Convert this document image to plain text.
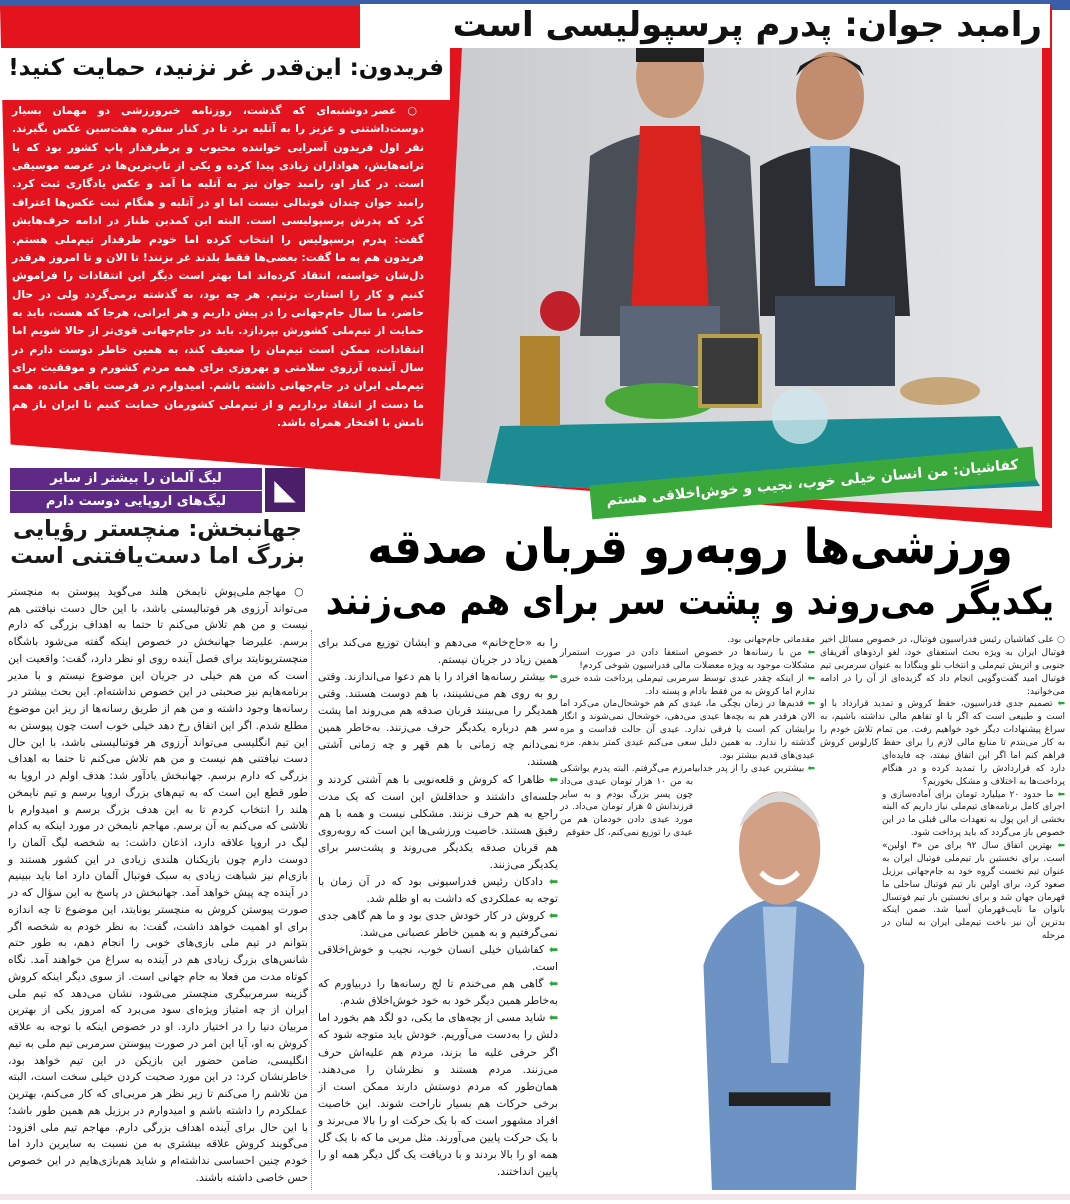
رامبد جوان: پدرم پرسپولیسی است
فریدون: این‌قدر غر نزنید، حمایت کنید!
○ عصر دوشنبه‌ای که گذشت، روزنامه خبرورزشی دو مهمان بسیار دوست‌داشتنی و عزیز را به آتلیه برد تا در کنار سفره هفت‌سین عکس بگیرند. نفر اول فریدون آسرایی خواننده محبوب و پرطرفدار پاپ کشور بود که با ترانه‌هایش، هواداران زیادی پیدا کرده و یکی از تاپ‌ترین‌ها در عرصه موسیقی است. در کنار او، رامبد جوان نیز به آتلیه ما آمد و عکس یادگاری ثبت کرد. رامبد جوان چندان فوتبالی نیست اما او در آتلیه و هنگام ثبت عکس‌ها اعتراف کرد که پدرش پرسپولیسی است. البته این کمدین طناز در ادامه حرف‌هایش گفت: پدرم پرسپولیس را انتخاب کرده اما خودم طرفدار تیم‌ملی هستم. فریدون هم به ما گفت: بعضی‌ها فقط بلدند غر بزنند! تا الان و تا امروز هرقدر دل‌شان خواسته، انتقاد کرده‌اند اما بهتر است دیگر این انتقادات را فراموش کنیم و کار را استارت بزنیم. هر چه بود، به گذشته برمی‌گردد ولی در حال حاضر، ما سال جام‌جهانی را در پیش داریم و هر ایرانی، هرجا که هست، باید به حمایت از تیم‌ملی کشورش بپردازد. باید در جام‌جهانی قوی‌تر از حالا شویم اما انتقادات، ممکن است تیم‌مان را ضعیف کند، به همین خاطر دوست دارم در سال آینده، آرزوی سلامتی و بهروزی برای همه مردم کشورم و موفقیت برای تیم‌ملی ایران در جام‌جهانی داشته باشم. امیدوارم در فرصت باقی مانده، همه ما دست از انتقاد برداریم و از تیم‌ملی کشورمان حمایت کنیم تا ایران باز هم نامش با افتخار همراه باشد.
کفاشیان: من انسان خیلی خوب، نجیب و خوش‌اخلاقی هستم
ورزشی‌ها روبه‌رو قربان صدقه
یکدیگر می‌روند و پشت سر برای هم می‌زنند
◣
لیگ آلمان را بیشتر از سایر
لیگ‌های اروپایی دوست دارم
جهانبخش: منچستر رؤیایی بزرگ اما دست‌یافتنی است
○ مهاجم ملی‌پوش نایمخن هلند می‌گوید پیوستن به منچستر می‌تواند آرزوی هر فوتبالیستی باشد، با این حال دست نیافتنی هم نیست و من هم تلاش می‌کنم تا حتما به اهداف بزرگی که دارم برسم. علیرضا جهانبخش در خصوص اینکه گفته می‌شود باشگاه منچستریونایتد برای فصل آینده روی او نظر دارد، گفت: واقعیت این است که من هم خیلی در جریان این موضوع نیستم و با مدیر برنامه‌هایم نیز صحبتی در این خصوص نداشته‌ام. این بحث بیشتر در رسانه‌ها وجود داشته و من هم از طریق رسانه‌ها از ریز این موضوع مطلع شدم. اگر این اتفاق رخ دهد خیلی خوب است چون پیوستن به این تیم انگلیسی می‌تواند آرزوی هر فوتبالیستی باشد، با این حال دست نیافتنی هم نیست و من هم تلاش می‌کنم تا حتما به اهداف بزرگی که دارم برسم. جهانبخش یادآور شد: هدف اولم در اروپا به طور قطع این است که به تیم‌های بزرگ اروپا برسم و تیم نایمخن هلند را انتخاب کردم تا به این هدف بزرگ برسم و امیدوارم با تلاشی که می‌کنم به آن برسم. مهاجم نایمخن در مورد اینکه به کدام لیگ در اروپا علاقه دارد، اذعان داشت: به شخصه لیگ آلمان را دوست دارم چون بازیکنان هلندی زیادی در این کشور هستند و بازی‌ام نیز شباهت زیادی به سبک فوتبال آلمان دارد اما باید ببینیم در آینده چه پیش خواهد آمد. جهانبخش در پاسخ به این سؤال که در صورت پیوستن کروش به منچستر یونایتد، این موضوع تا چه اندازه برای او اهمیت خواهد داشت، گفت: به نظر خودم به شخصه اگر بتوانم در تیم ملی بازی‌های خوبی را انجام دهم، به طور حتم شانس‌های بزرگ زیادی هم در آینده به سراغ من خواهند آمد. نگاه کوتاه مدت من فعلا به جام جهانی است. از سوی دیگر اینکه کروش گزینه سرمربیگری منچستر می‌شود، نشان می‌دهد که تیم ملی ایران از چه امتیاز ویژه‌ای سود می‌برد که امروز یکی از بهترین مربیان دنیا را در اختیار دارد. او در خصوص اینکه با توجه به علاقه کروش به او، آیا این امر در صورت پیوستن سرمربی تیم ملی به تیم انگلیسی، ضامن حضور این بازیکن در این تیم خواهد بود، خاطرنشان کرد: در این مورد صحبت کردن خیلی سخت است، البته من تلاشم را می‌کنم تا زیر نظر هر مربی‌ای که کار می‌کنم، بهترین عملکردم را داشته باشم و امیدوارم در برزیل هم همین طور باشد؛ با این حال برای آینده اهداف بزرگی دارم. مهاجم تیم ملی افزود: می‌گویند کروش علاقه بیشتری به من نسبت به سایرین دارد اما خودم چنین احساسی نداشته‌ام و شاید هم‌بازی‌هایم در این خصوص حس خاصی داشته باشند.

○ علی کفاشیان رئیس فدراسیون فوتبال، در خصوص مسائل اخیر فوتبال ایران به ویژه بحث استعفای خود، لغو اردوهای آفریقای جنوبی و اتریش تیم‌ملی و انتخاب نلو وینگادا به عنوان سرمربی تیم فوتبال امید گفت‌وگویی انجام داد که گزیده‌ای از آن را در ادامه می‌خوانید:

⬅ تصمیم جدی فدراسیون، حفظ کروش و تمدید قرارداد با او است و طبیعی است که اگر با او تفاهم مالی نداشته باشیم، به سراغ پیشنهادات دیگر خود خواهیم رفت. من تمام تلاش خودم را به کار می‌بندم تا منابع مالی لازم را برای حفظ کارلوس کروش فراهم کنم اما اگر این اتفاق نیفتد، چه فایده‌ای دارد که قراردادش را تمدید کرده و در هنگام پرداخت‌ها به اختلاف و مشکل بخوریم؟

⬅ ما حدود ۲۰ میلیارد تومان برای آماده‌سازی و اجرای کامل برنامه‌های تیم‌ملی نیاز داریم که البته بخشی از این پول به تعهدات مالی قبلی ما در این خصوص باز می‌گردد که باید پرداخت شود.

⬅ بهترین اتفاق سال ۹۲ برای من «۳ اولین» است. برای نخستین بار تیم‌ملی فوتبال ایران به عنوان تیم نخست گروه خود به جام‌جهانی برزیل صعود کرد، برای اولین بار تیم فوتبال ساحلی ما قهرمان جهان شد و برای نخستین بار تیم فوتسال بانوان ما نایب‌قهرمان آسیا شد. ضمن اینکه بدترین آن نیز باخت تیم‌ملی ایران به لبنان در مرحله

مقدماتی جام‌جهانی بود.

⬅ من با رسانه‌ها در خصوص استعفا دادن در صورت استمرار مشکلات موجود به ویژه معضلات مالی فدراسیون شوخی کردم!

⬅ از اینکه چقدر عیدی توسط سرمربی تیم‌ملی پرداخت شده خبری ندارم اما کروش به من فقط بادام و پسته داد.

⬅ قدیم‌ها در زمان بچگی ما، عیدی کم هم خوشحال‌مان می‌کرد اما الان هرقدر هم به بچه‌ها عیدی می‌دهی، خوشحال نمی‌شوند و انگار برایشان کم است یا فرقی ندارد. عیدی آن حالت قداست و مزه گذشته را ندارد. به همین دلیل سعی می‌کنم عیدی کمتر بدهم. مزه عیدی‌های قدیم بیشتر بود.

⬅ بیشترین عیدی را از پدر خدابیامرزم می‌گرفتم. البته پدرم یواشکی به من ۱۰ هزار تومان عیدی می‌داد چون پسر بزرگ بودم و به سایر فرزندانش ۵ هزار تومان می‌داد. در مورد عیدی دادن خودمان هم من عیدی را توزیع نمی‌کنم، کل حقوقم

را به «حاج‌خانم» می‌دهم و ایشان توزیع می‌کند برای همین زیاد در جریان نیستم.

⬅ بیشتر رسانه‌ها افراد را با هم دعوا می‌اندازند. وقتی رو به روی هم می‌نشینند، با هم دوست هستند. وقتی همدیگر را می‌بینند قربان صدقه هم می‌روند اما پشت سر هم درباره یکدیگر حرف می‌زنند. به‌خاطر همین نمی‌دانم چه زمانی با هم قهر و چه زمانی آشتی هستند.

⬅ ظاهرا که کروش و قلعه‌نویی با هم آشتی کردند و جلسه‌ای داشتند و حداقلش این است که یک مدت راجع به هم حرف نزنند. مشکلی نیست و همه با هم رفیق هستند. خاصیت ورزشی‌ها این است که روبه‌روی هم قربان صدقه یکدیگر می‌روند و پشت‌سر برای یکدیگر می‌زنند.

⬅ دادکان رئیس فدراسیونی بود که در آن زمان با توجه به عملکردی که داشت به او ظلم شد.

⬅ کروش در کار خودش جدی بود و ما هم گاهی جدی نمی‌گرفتیم و به همین خاطر عصبانی می‌شد.

⬅ کفاشیان خیلی انسان خوب، نجیب و خوش‌اخلاقی است.

⬅ گاهی هم می‌خندم تا لج رسانه‌ها را دربیاورم که به‌خاطر همین دیگر خود به خود خوش‌اخلاق شدم.

⬅ شاید مسی از بچه‌های ما یکی، دو لگد هم بخورد اما دلش را به‌دست می‌آوریم. خودش باید متوجه شود که اگر حرفی علیه ما بزند، مردم هم علیه‌اش حرف می‌زنند. مردم هستند و نظرشان را می‌دهند. همان‌طور که مردم دوستش دارند ممکن است از برخی حرکات هم بسیار ناراحت شوند. این خاصیت افراد مشهور است که با یک حرکت او را بالا می‌برند و با یک حرکت پایین می‌آورند. مثل مربی ما که با یک گل همه او را بالا بردند و با دریافت یک گل دیگر همه او را پایین انداختند.
